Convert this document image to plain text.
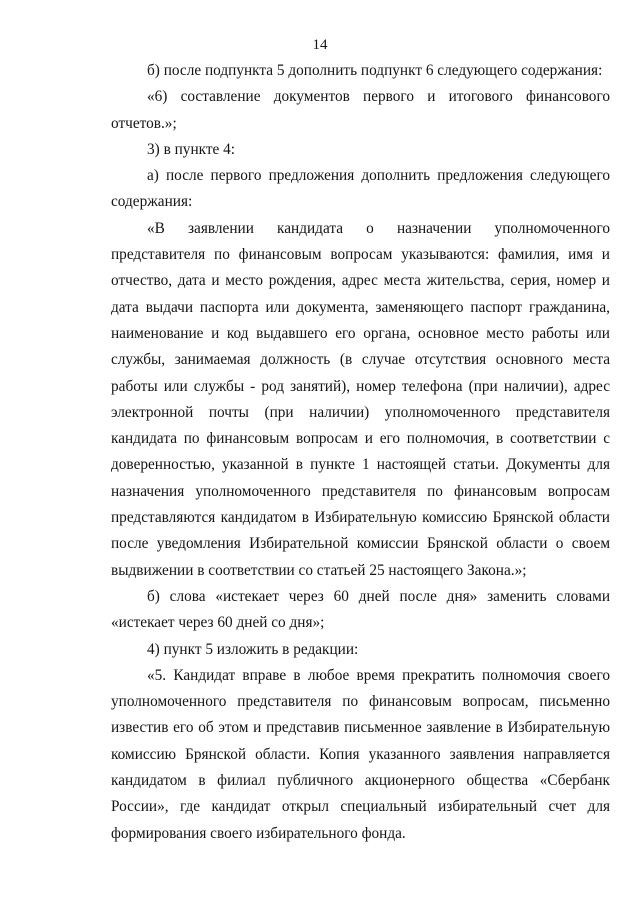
14

б) после подпункта 5 дополнить подпункт 6 следующего содержания:

«6) составление документов первого и итогового финансового отчетов.»;

3) в пункте 4:

а) после первого предложения дополнить предложения следующего содержания:

«В заявлении кандидата о назначении уполномоченного представителя по финансовым вопросам указываются: фамилия, имя и отчество, дата и место рождения, адрес места жительства, серия, номер и дата выдачи паспорта или документа, заменяющего паспорт гражданина, наименование и код выдавшего его органа, основное место работы или службы, занимаемая должность (в случае отсутствия основного места работы или службы - род занятий), номер телефона (при наличии), адрес электронной почты (при наличии) уполномоченного представителя кандидата по финансовым вопросам и его полномочия, в соответствии с доверенностью, указанной в пункте 1 настоящей статьи. Документы для назначения уполномоченного представителя по финансовым вопросам представляются кандидатом в Избирательную комиссию Брянской области после уведомления Избирательной комиссии Брянской области о своем выдвижении в соответствии со статьей 25 настоящего Закона.»;

б) слова «истекает через 60 дней после дня» заменить словами «истекает через 60 дней со дня»;

4) пункт 5 изложить в редакции:

«5. Кандидат вправе в любое время прекратить полномочия своего уполномоченного представителя по финансовым вопросам, письменно известив его об этом и представив письменное заявление в Избирательную комиссию Брянской области. Копия указанного заявления направляется кандидатом в филиал публичного акционерного общества «Сбербанк России», где кандидат открыл специальный избирательный счет для формирования своего избирательного фонда.
